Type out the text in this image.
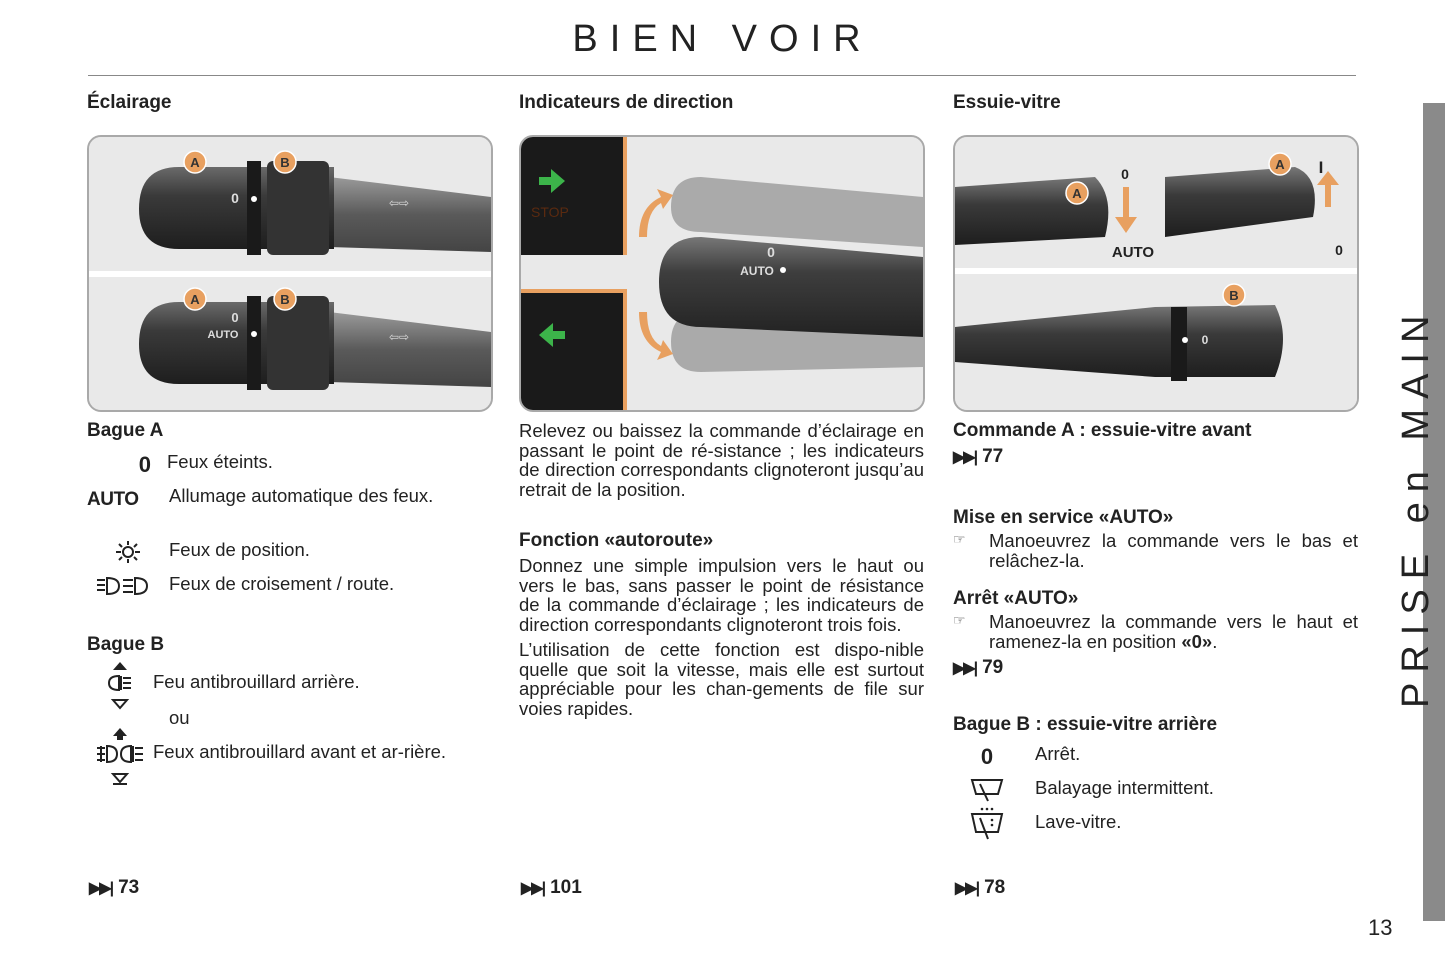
BIEN VOIR
Éclairage
A	B
0	⇦⇨
A	B
0
AUTO	⇦⇨
Bague A
0 Feux éteints.
AUTO Allumage automatique des feux.
Feux de position.
Feux de croisement / route.
Bague B
Feu antibrouillard arrière.
ou
Feux antibrouillard avant et ar-rière.
▶▶| 73
Indicateurs de direction
STOP
0
AUTO

Relevez ou baissez la commande d’éclairage en passant le point de ré-sistance ; les indicateurs de direction correspondants clignoteront jusqu’au retrait de la position.

Fonction «autoroute»

Donnez une simple impulsion vers le haut ou vers le bas, sans passer le point de résistance de la commande d’éclairage ; les indicateurs de direction correspondants clignoteront trois fois.

L’utilisation de cette fonction est dispo-nible quelle que soit la vitesse, mais elle est surtout appréciable pour les chan-gements de file sur voies rapides.

▶▶| 101
Essuie-vitre
A
0
AUTO
A I
0
B
0
Commande A : essuie-vitre avant
▶▶| 77
Mise en service «AUTO»
☞	Manoeuvrez la commande vers le bas et relâchez-la.

Arrêt «AUTO»
☞	Manoeuvrez la commande vers le haut et ramenez-la en position «0».

▶▶| 79
Bague B : essuie-vitre arrière
0 Arrêt.
Balayage intermittent.
Lave-vitre.
▶▶| 78
PRISE en MAIN
13
